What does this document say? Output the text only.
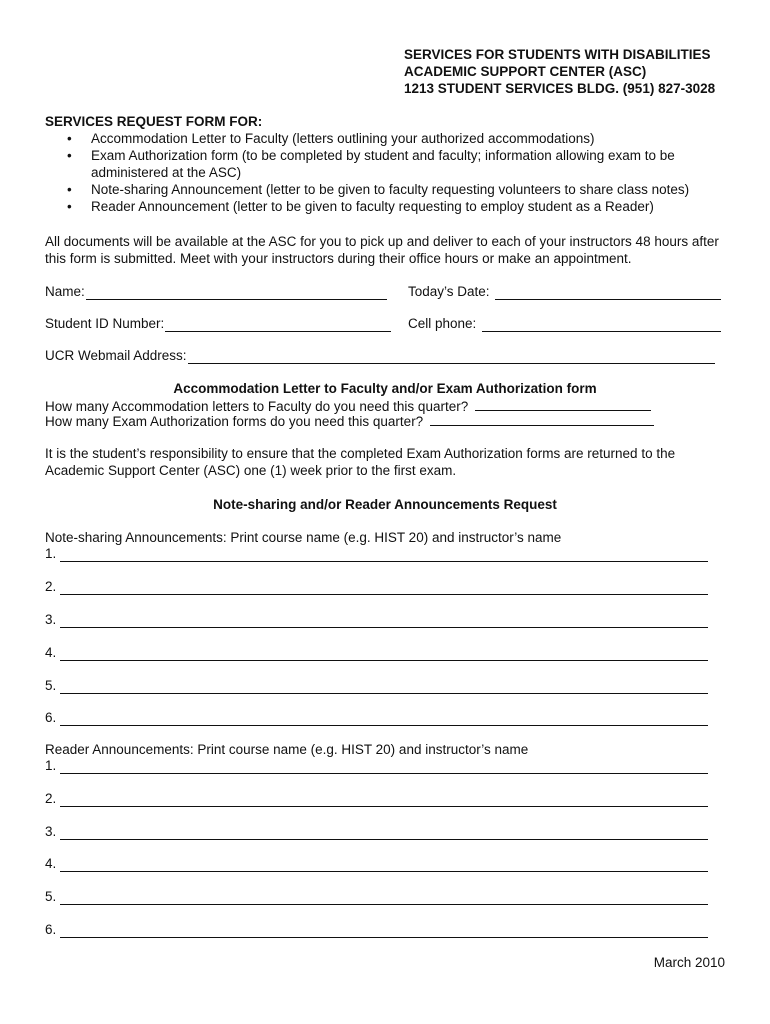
SERVICES FOR STUDENTS WITH DISABILITIES
ACADEMIC SUPPORT CENTER (ASC)
1213 STUDENT SERVICES BLDG. (951) 827-3028
SERVICES REQUEST FORM FOR:
• Accommodation Letter to Faculty (letters outlining your authorized accommodations)
• Exam Authorization form (to be completed by student and faculty; information allowing exam to be administered at the ASC)
• Note-sharing Announcement (letter to be given to faculty requesting volunteers to share class notes)
• Reader Announcement (letter to be given to faculty requesting to employ student as a Reader)
All documents will be available at the ASC for you to pick up and deliver to each of your instructors 48 hours after this form is submitted. Meet with your instructors during their office hours or make an appointment.
Name:	Today’s Date:
Student ID Number:	Cell phone:
UCR Webmail Address:
Accommodation Letter to Faculty and/or Exam Authorization form
How many Accommodation letters to Faculty do you need this quarter?
How many Exam Authorization forms do you need this quarter?
It is the student’s responsibility to ensure that the completed Exam Authorization forms are returned to the Academic Support Center (ASC) one (1) week prior to the first exam.
Note-sharing and/or Reader Announcements Request
Note-sharing Announcements: Print course name (e.g. HIST 20) and instructor’s name
1.
2.
3.
4.
5.
6.
Reader Announcements: Print course name (e.g. HIST 20) and instructor’s name
1.
2.
3.
4.
5.
6.
March 2010
